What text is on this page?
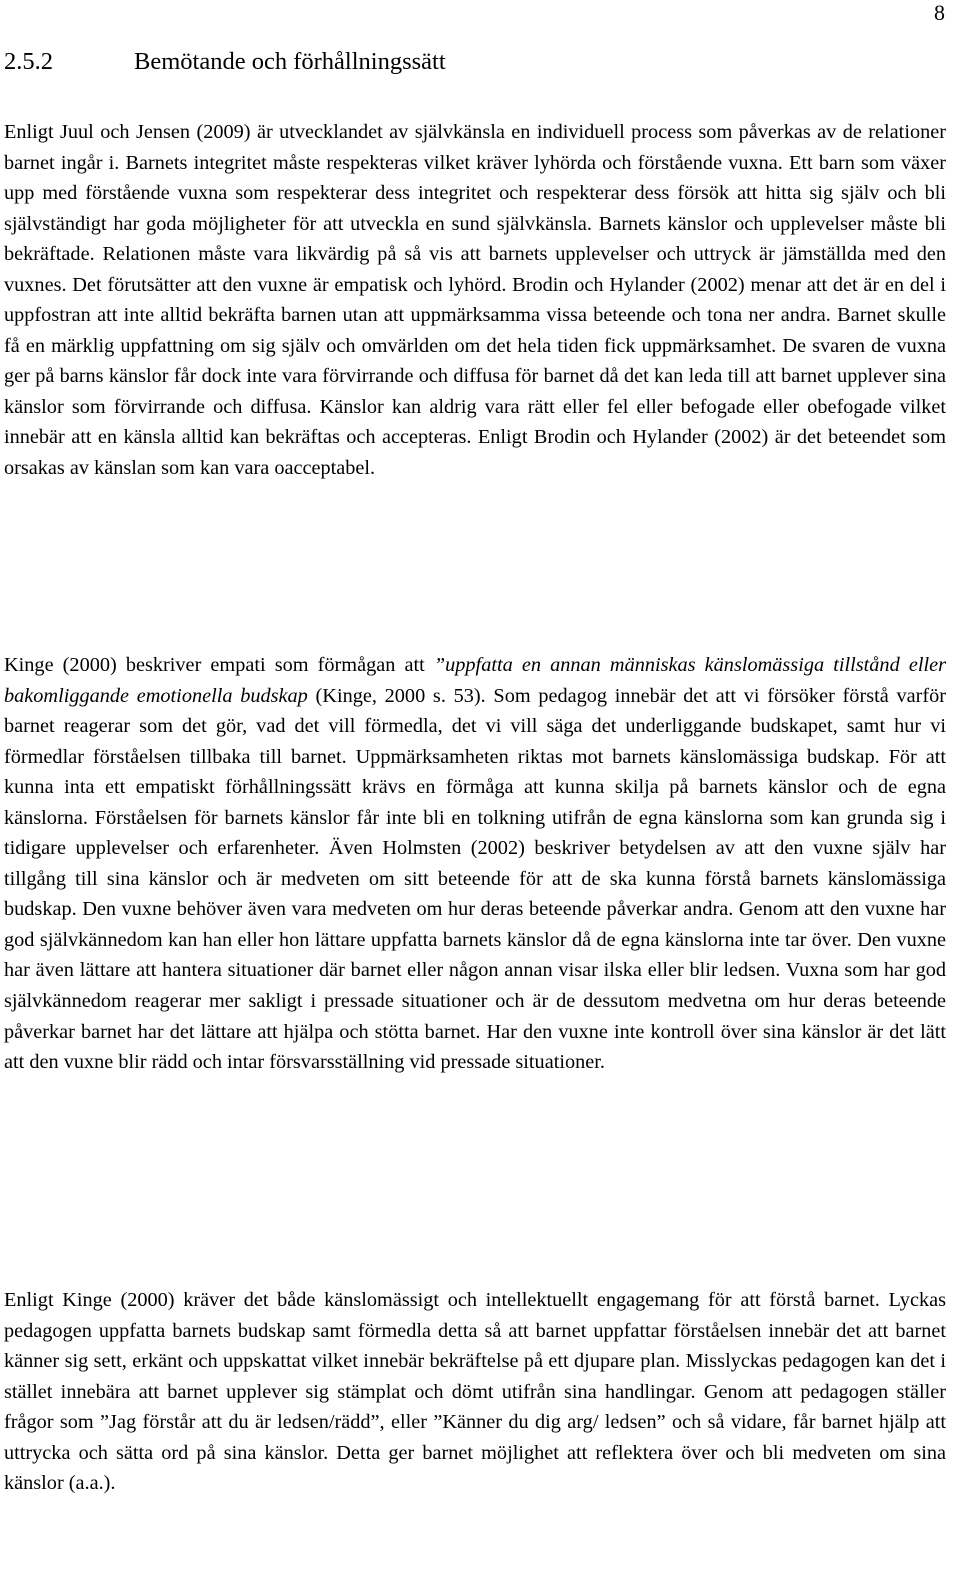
8
2.5.2	Bemötande och förhållningssätt

Enligt Juul och Jensen (2009) är utvecklandet av självkänsla en individuell process som påverkas av de relationer barnet ingår i. Barnets integritet måste respekteras vilket kräver lyhörda och förstående vuxna. Ett barn som växer upp med förstående vuxna som respekterar dess integritet och respekterar dess försök att hitta sig själv och bli självständigt har goda möjligheter för att utveckla en sund självkänsla. Barnets känslor och upplevelser måste bli bekräftade. Relationen måste vara likvärdig på så vis att barnets upplevelser och uttryck är jämställda med den vuxnes. Det förutsätter att den vuxne är empatisk och lyhörd. Brodin och Hylander (2002) menar att det är en del i uppfostran att inte alltid bekräfta barnen utan att uppmärksamma vissa beteende och tona ner andra. Barnet skulle få en märklig uppfattning om sig själv och omvärlden om det hela tiden fick uppmärksamhet. De svaren de vuxna ger på barns känslor får dock inte vara förvirrande och diffusa för barnet då det kan leda till att barnet upplever sina känslor som förvirrande och diffusa. Känslor kan aldrig vara rätt eller fel eller befogade eller obefogade vilket innebär att en känsla alltid kan bekräftas och accepteras. Enligt Brodin och Hylander (2002) är det beteendet som orsakas av känslan som kan vara oacceptabel.

Kinge (2000) beskriver empati som förmågan att ”uppfatta en annan människas känslomässiga tillstånd eller bakomliggande emotionella budskap (Kinge, 2000 s. 53). Som pedagog innebär det att vi försöker förstå varför barnet reagerar som det gör, vad det vill förmedla, det vi vill säga det underliggande budskapet, samt hur vi förmedlar förståelsen tillbaka till barnet. Uppmärksamheten riktas mot barnets känslomässiga budskap. För att kunna inta ett empatiskt förhållningssätt krävs en förmåga att kunna skilja på barnets känslor och de egna känslorna. Förståelsen för barnets känslor får inte bli en tolkning utifrån de egna känslorna som kan grunda sig i tidigare upplevelser och erfarenheter. Även Holmsten (2002) beskriver betydelsen av att den vuxne själv har tillgång till sina känslor och är medveten om sitt beteende för att de ska kunna förstå barnets känslomässiga budskap. Den vuxne behöver även vara medveten om hur deras beteende påverkar andra. Genom att den vuxne har god självkännedom kan han eller hon lättare uppfatta barnets känslor då de egna känslorna inte tar över. Den vuxne har även lättare att hantera situationer där barnet eller någon annan visar ilska eller blir ledsen. Vuxna som har god självkännedom reagerar mer sakligt i pressade situationer och är de dessutom medvetna om hur deras beteende påverkar barnet har det lättare att hjälpa och stötta barnet. Har den vuxne inte kontroll över sina känslor är det lätt att den vuxne blir rädd och intar försvarsställning vid pressade situationer.

Enligt Kinge (2000) kräver det både känslomässigt och intellektuellt engagemang för att förstå barnet. Lyckas pedagogen uppfatta barnets budskap samt förmedla detta så att barnet uppfattar förståelsen innebär det att barnet känner sig sett, erkänt och uppskattat vilket innebär bekräftelse på ett djupare plan. Misslyckas pedagogen kan det i stället innebära att barnet upplever sig stämplat och dömt utifrån sina handlingar. Genom att pedagogen ställer frågor som ”Jag förstår att du är ledsen/rädd”, eller ”Känner du dig arg/ ledsen” och så vidare, får barnet hjälp att uttrycka och sätta ord på sina känslor. Detta ger barnet möjlighet att reflektera över och bli medveten om sina känslor (a.a.).
